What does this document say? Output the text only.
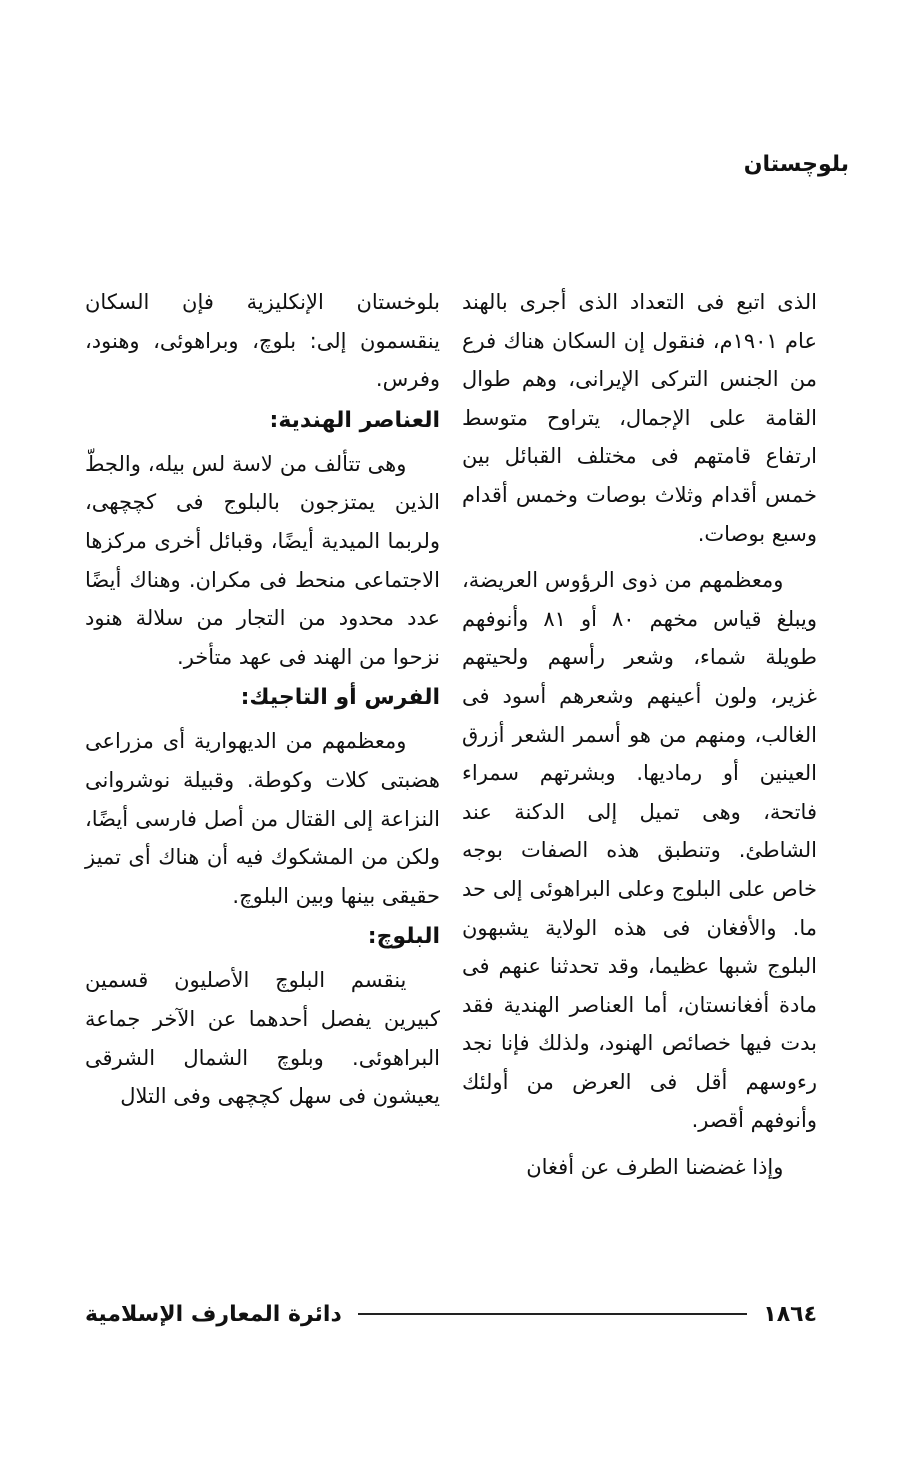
بلوچستان

الذى اتبع فى التعداد الذى أجرى بالهند عام ١٩٠١م، فنقول إن السكان هناك فرع من الجنس التركى الإيرانى، وهم طوال القامة على الإجمال، يتراوح متوسط ارتفاع قامتهم فى مختلف القبائل بين خمس أقدام وثلاث بوصات وخمس أقدام وسبع بوصات.

ومعظمهم من ذوى الرؤوس العريضة، ويبلغ قياس مخهم ٨٠ أو ٨١ وأنوفهم طويلة شماء، وشعر رأسهم ولحيتهم غزير، ولون أعينهم وشعرهم أسود فى الغالب، ومنهم من هو أسمر الشعر أزرق العينين أو رماديها. وبشرتهم سمراء فاتحة، وهى تميل إلى الدكنة عند الشاطئ. وتنطبق هذه الصفات بوجه خاص على البلوج وعلى البراهوئى إلى حد ما. والأفغان فى هذه الولاية يشبهون البلوج شبها عظيما، وقد تحدثنا عنهم فى مادة أفغانستان، أما العناصر الهندية فقد بدت فيها خصائص الهنود، ولذلك فإنا نجد رءوسهم أقل فى العرض من أولئك وأنوفهم أقصر.

وإذا غضضنا الطرف عن أفغان

بلوخستان الإنكليزية فإن السكان ينقسمون إلى: بلوچ، وبراهوئى، وهنود، وفرس.

العناصر الهندية:

وهى تتألف من لاسة لس بيله، والجطّ الذين يمتزجون بالبلوج فى كچچهى، ولربما الميدية أيضًا، وقبائل أخرى مركزها الاجتماعى منحط فى مكران. وهناك أيضًا عدد محدود من التجار من سلالة هنود نزحوا من الهند فى عهد متأخر.

الفرس أو التاجيك:

ومعظمهم من الديهوارية أى مزراعى هضبتى كلات وكوطة. وقبيلة نوشروانى النزاعة إلى القتال من أصل فارسى أيضًا، ولكن من المشكوك فيه أن هناك أى تميز حقيقى بينها وبين البلوچ.

البلوچ:

ينقسم البلوچ الأصليون قسمين كبيرين يفصل أحدهما عن الآخر جماعة البراهوئى. وبلوچ الشمال الشرقى يعيشون فى سهل كچچهى وفى التلال

١٨٦٤
دائرة المعارف الإسلامية
